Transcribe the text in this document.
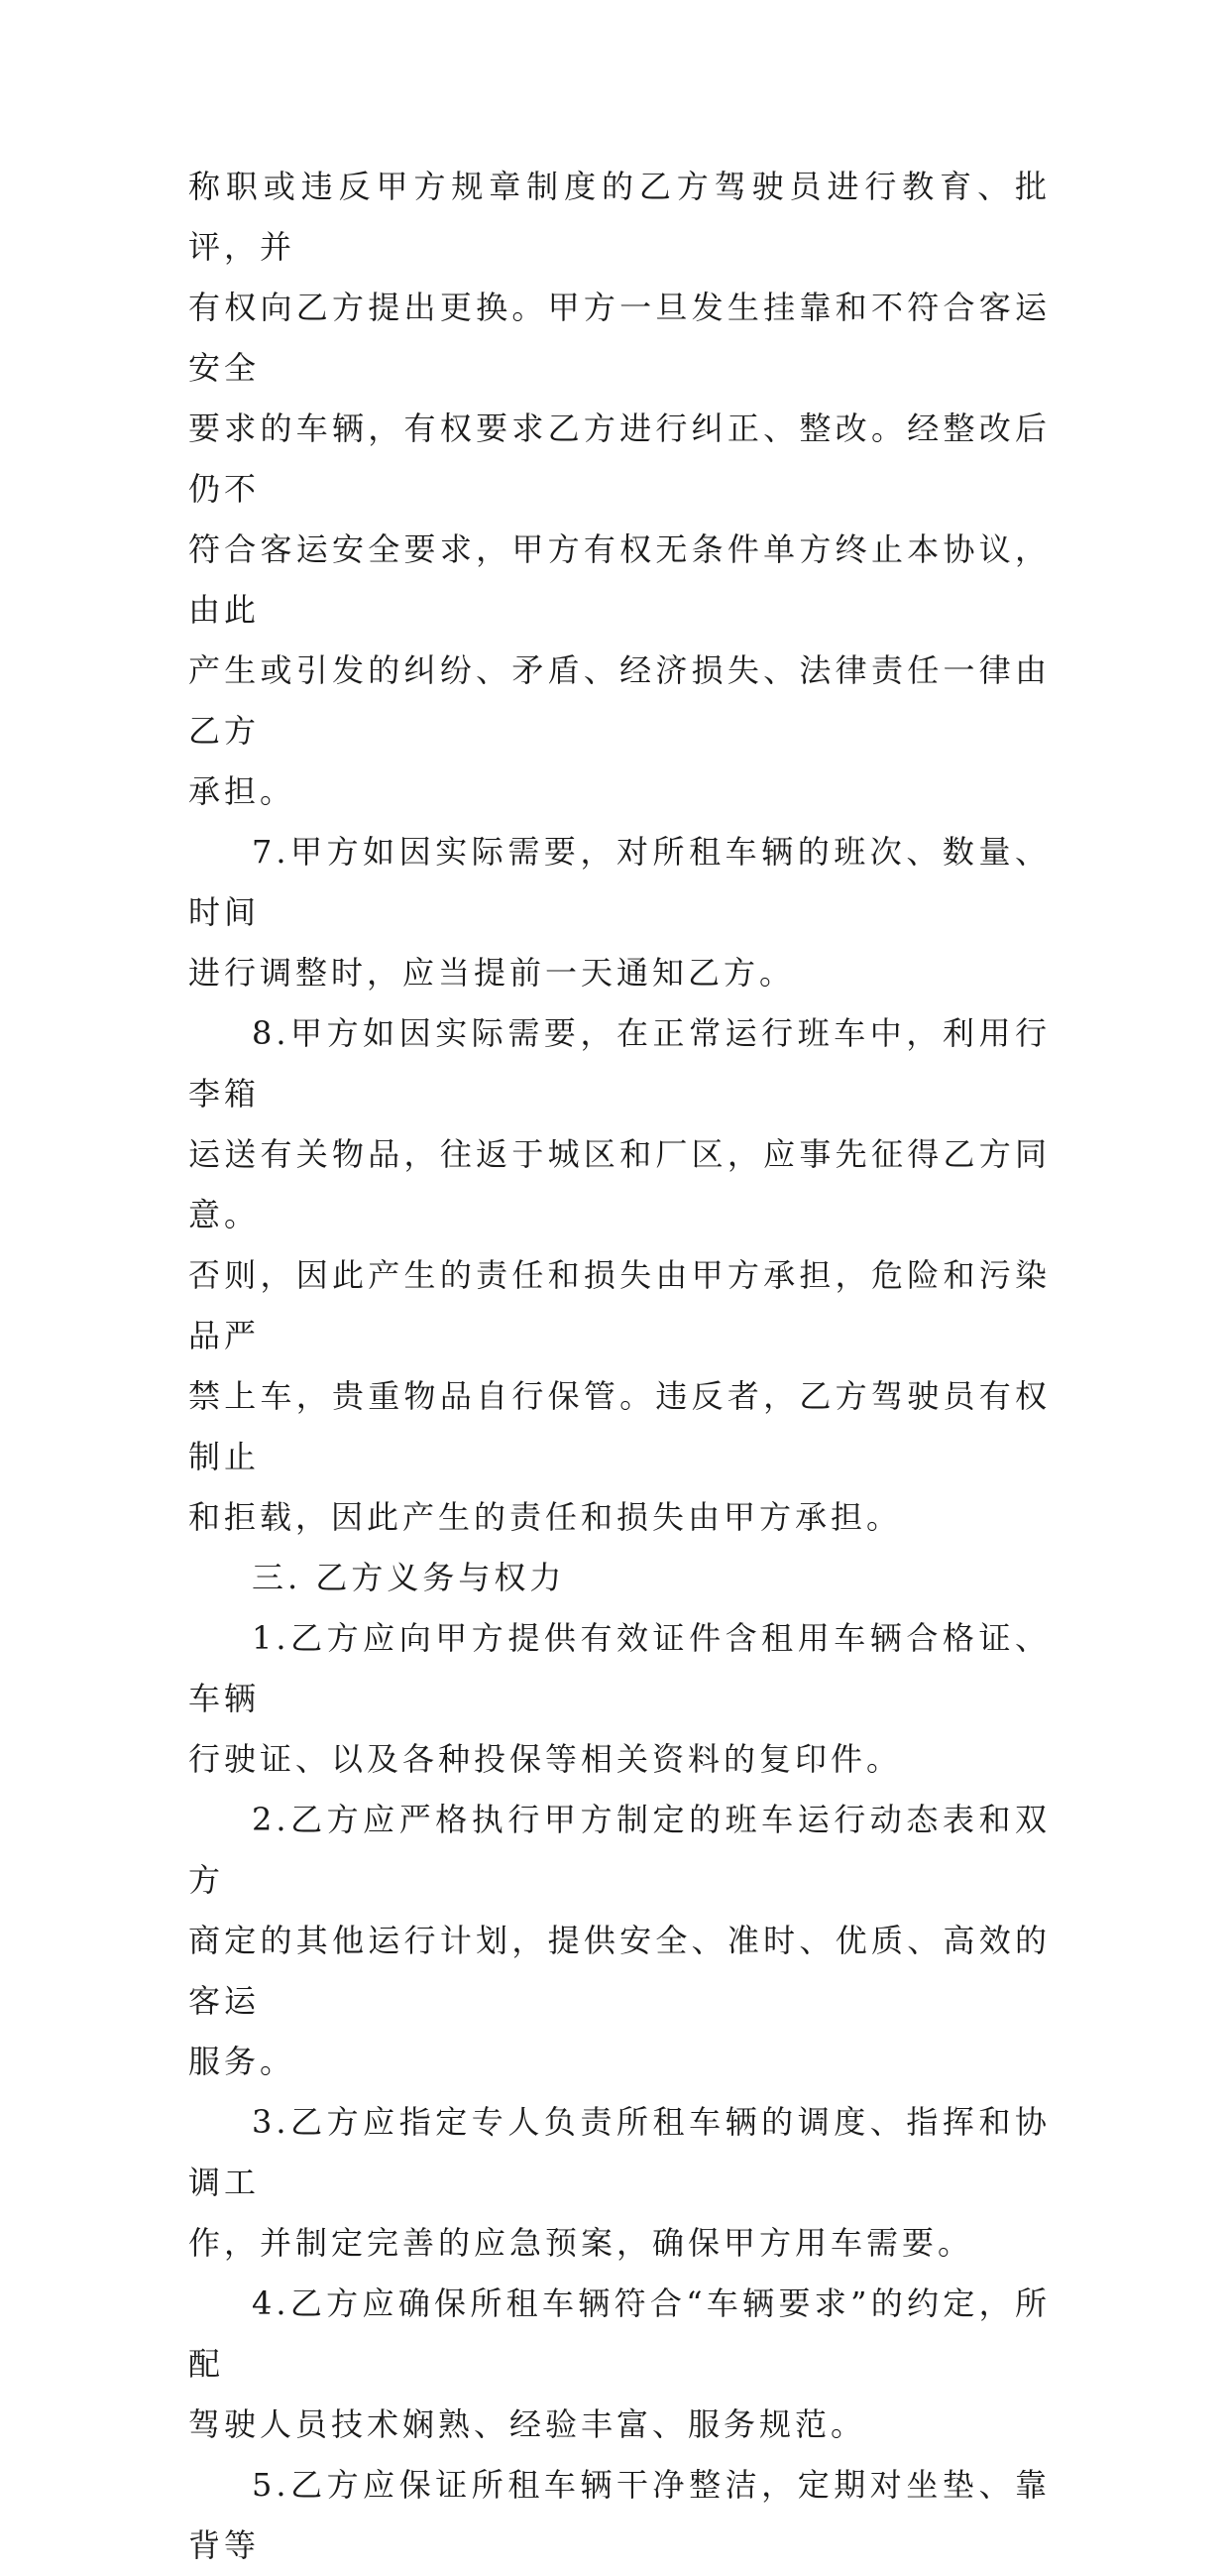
称职或违反甲方规章制度的乙方驾驶员进行教育、批评，并
有权向乙方提出更换。甲方一旦发生挂靠和不符合客运安全
要求的车辆，有权要求乙方进行纠正、整改。经整改后仍不
符合客运安全要求，甲方有权无条件单方终止本协议，由此
产生或引发的纠纷、矛盾、经济损失、法律责任一律由乙方
承担。

7.甲方如因实际需要，对所租车辆的班次、数量、时间
进行调整时，应当提前一天通知乙方。

8.甲方如因实际需要，在正常运行班车中，利用行李箱
运送有关物品，往返于城区和厂区，应事先征得乙方同意。
否则，因此产生的责任和损失由甲方承担，危险和污染品严
禁上车，贵重物品自行保管。违反者，乙方驾驶员有权制止
和拒载，因此产生的责任和损失由甲方承担。

三. 乙方义务与权力

1.乙方应向甲方提供有效证件含租用车辆合格证、车辆
行驶证、以及各种投保等相关资料的复印件。

2.乙方应严格执行甲方制定的班车运行动态表和双方
商定的其他运行计划，提供安全、准时、优质、高效的客运
服务。

3.乙方应指定专人负责所租车辆的调度、指挥和协调工
作，并制定完善的应急预案，确保甲方用车需要。

4.乙方应确保所租车辆符合“车辆要求”的约定，所配
驾驶人员技术娴熟、经验丰富、服务规范。

5.乙方应保证所租车辆干净整洁，定期对坐垫、靠背等
